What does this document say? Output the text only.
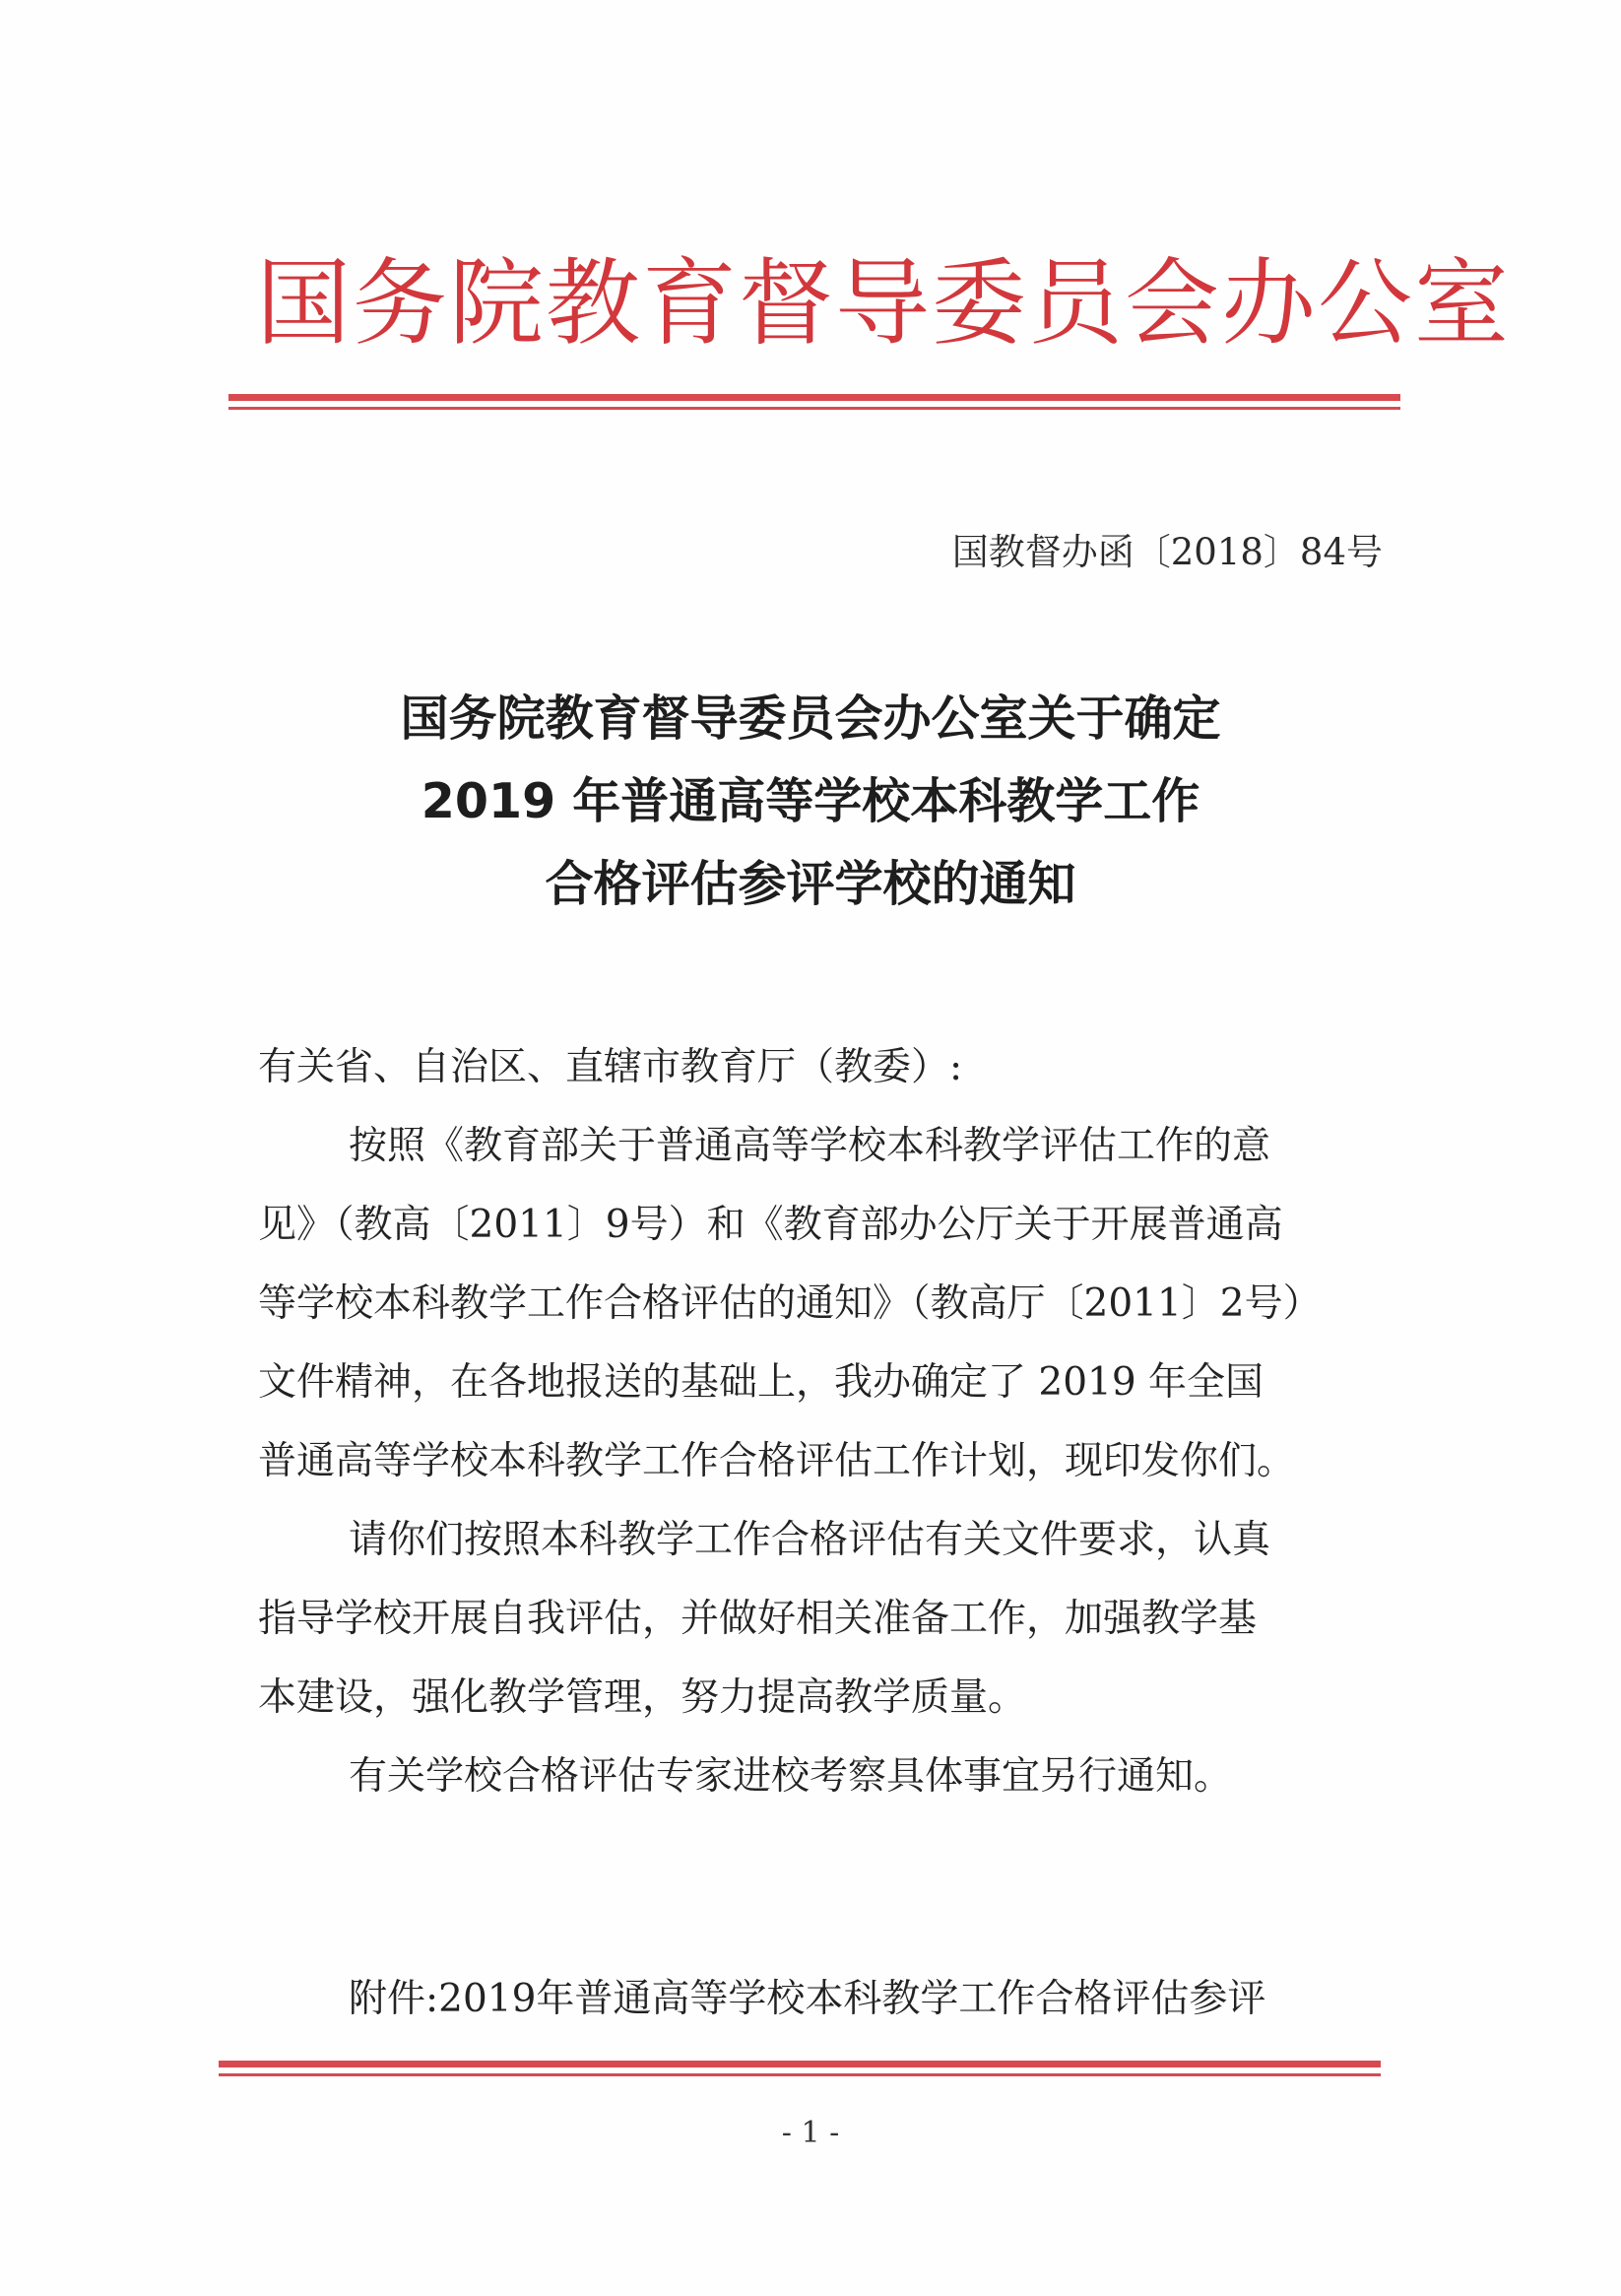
国务院教育督导委员会办公室
国教督办函〔2018〕84号
国务院教育督导委员会办公室关于确定
2019 年普通高等学校本科教学工作
合格评估参评学校的通知
有关省、自治区、直辖市教育厅（教委）:
按照《教育部关于普通高等学校本科教学评估工作的意
见》（教高〔2011〕9号）和《教育部办公厅关于开展普通高
等学校本科教学工作合格评估的通知》（教高厅〔2011〕2号）
文件精神，在各地报送的基础上，我办确定了 2019 年全国
普通高等学校本科教学工作合格评估工作计划，现印发你们。
请你们按照本科教学工作合格评估有关文件要求，认真
指导学校开展自我评估，并做好相关准备工作，加强教学基
本建设，强化教学管理，努力提高教学质量。
有关学校合格评估专家进校考察具体事宜另行通知。
附件:2019年普通高等学校本科教学工作合格评估参评
- 1 -
